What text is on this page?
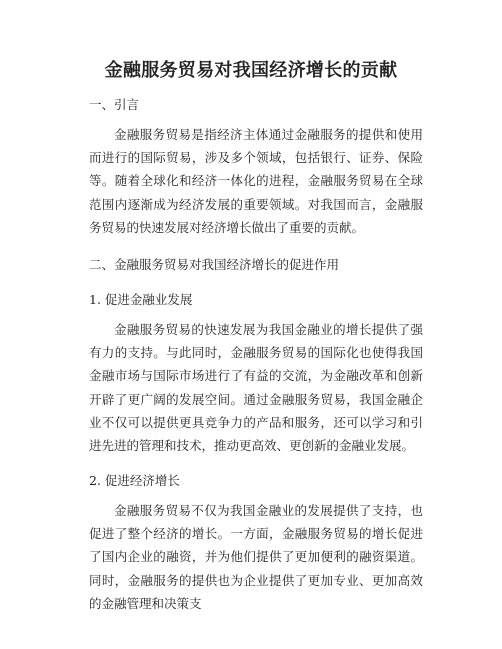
金融服务贸易对我国经济增长的贡献
一、引言

金融服务贸易是指经济主体通过金融服务的提供和使用而进行的国际贸易，涉及多个领域，包括银行、证券、保险等。随着全球化和经济一体化的进程，金融服务贸易在全球范围内逐渐成为经济发展的重要领域。对我国而言，金融服务贸易的快速发展对经济增长做出了重要的贡献。

二、金融服务贸易对我国经济增长的促进作用
1. 促进金融业发展

金融服务贸易的快速发展为我国金融业的增长提供了强有力的支持。与此同时，金融服务贸易的国际化也使得我国金融市场与国际市场进行了有益的交流，为金融改革和创新开辟了更广阔的发展空间。通过金融服务贸易，我国金融企业不仅可以提供更具竞争力的产品和服务，还可以学习和引进先进的管理和技术，推动更高效、更创新的金融业发展。

2. 促进经济增长

金融服务贸易不仅为我国金融业的发展提供了支持，也促进了整个经济的增长。一方面，金融服务贸易的增长促进了国内企业的融资，并为他们提供了更加便利的融资渠道。同时，金融服务的提供也为企业提供了更加专业、更加高效的金融管理和决策支
